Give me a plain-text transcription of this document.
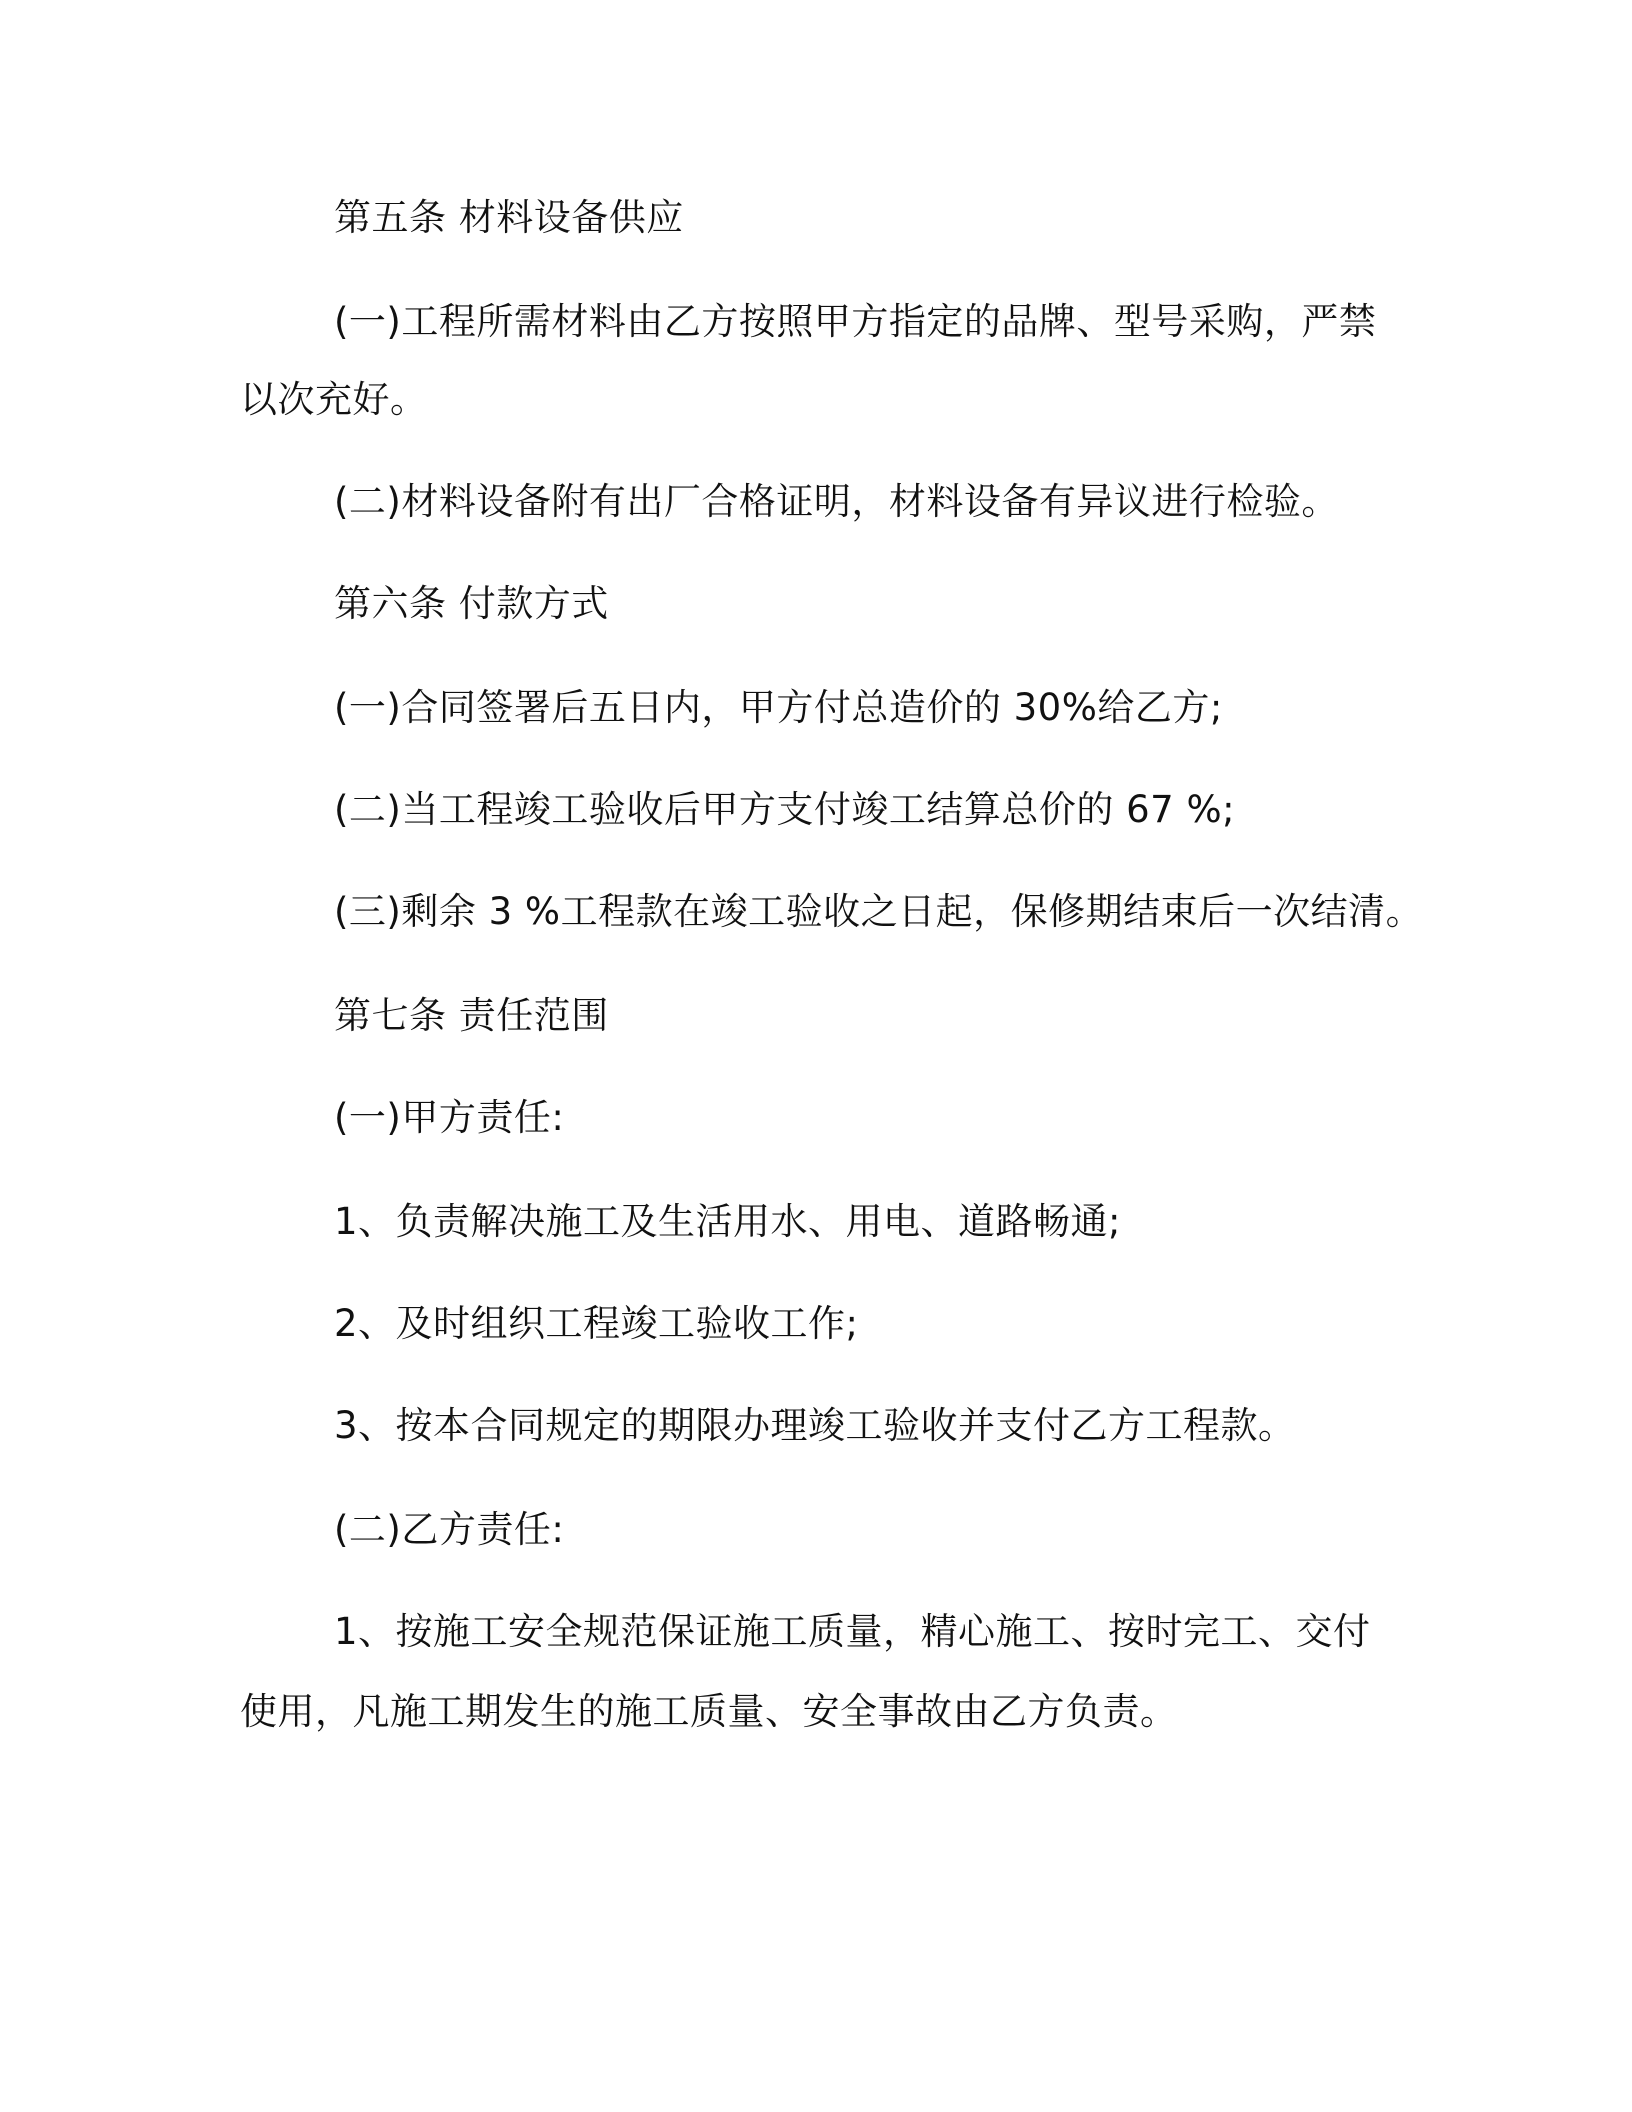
第五条 材料设备供应
(一)工程所需材料由乙方按照甲方指定的品牌、型号采购，严禁
以次充好。
(二)材料设备附有出厂合格证明，材料设备有异议进行检验。
第六条 付款方式
(一)合同签署后五日内，甲方付总造价的 30%给乙方;
(二)当工程竣工验收后甲方支付竣工结算总价的 67 %;
(三)剩余 3 %工程款在竣工验收之日起，保修期结束后一次结清。
第七条 责任范围
(一)甲方责任:
1、负责解决施工及生活用水、用电、道路畅通;
2、及时组织工程竣工验收工作;
3、按本合同规定的期限办理竣工验收并支付乙方工程款。
(二)乙方责任:
1、按施工安全规范保证施工质量，精心施工、按时完工、交付
使用，凡施工期发生的施工质量、安全事故由乙方负责。
